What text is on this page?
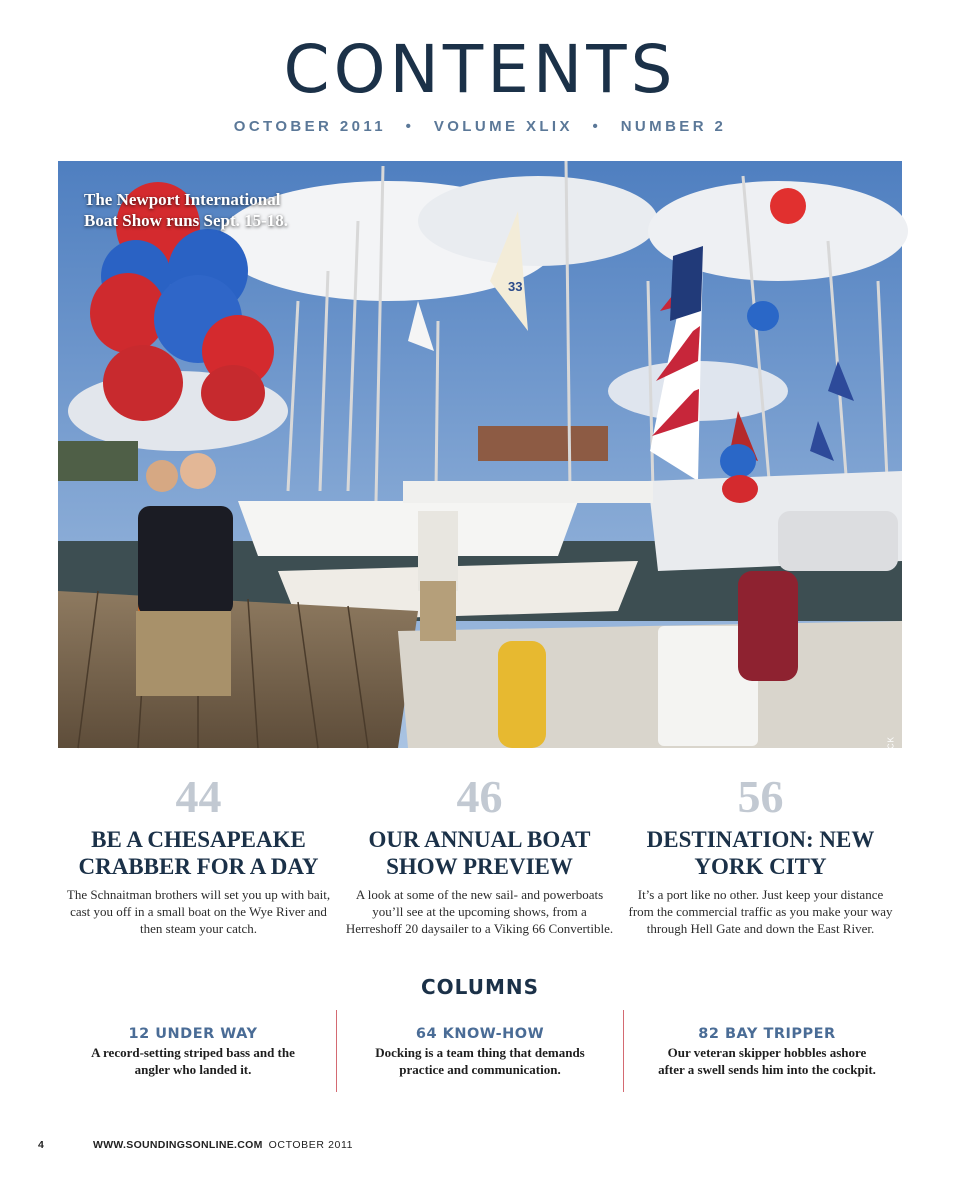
CONTENTS
OCTOBER 2011 • VOLUME XLIX • NUMBER 2
33
The Newport International
Boat Show runs Sept. 15-18.
BILLY BLACK
44
BE A CHESAPEAKE CRABBER FOR A DAY
The Schnaitman brothers will set you up with bait, cast you off in a small boat on the Wye River and then steam your catch.
46
OUR ANNUAL BOAT SHOW PREVIEW
A look at some of the new sail- and powerboats you’ll see at the upcoming shows, from a Herreshoff 20 daysailer to a Viking 66 Convertible.
56
DESTINATION: NEW YORK CITY
It’s a port like no other. Just keep your distance from the commercial traffic as you make your way through Hell Gate and down the East River.
COLUMNS
12 UNDER WAY
A record-setting striped bass and the angler who landed it.
64 KNOW-HOW
Docking is a team thing that demands practice and communication.
82 BAY TRIPPER
Our veteran skipper hobbles ashore after a swell sends him into the cockpit.
4	WWW.SOUNDINGSONLINE.COM OCTOBER 2011
